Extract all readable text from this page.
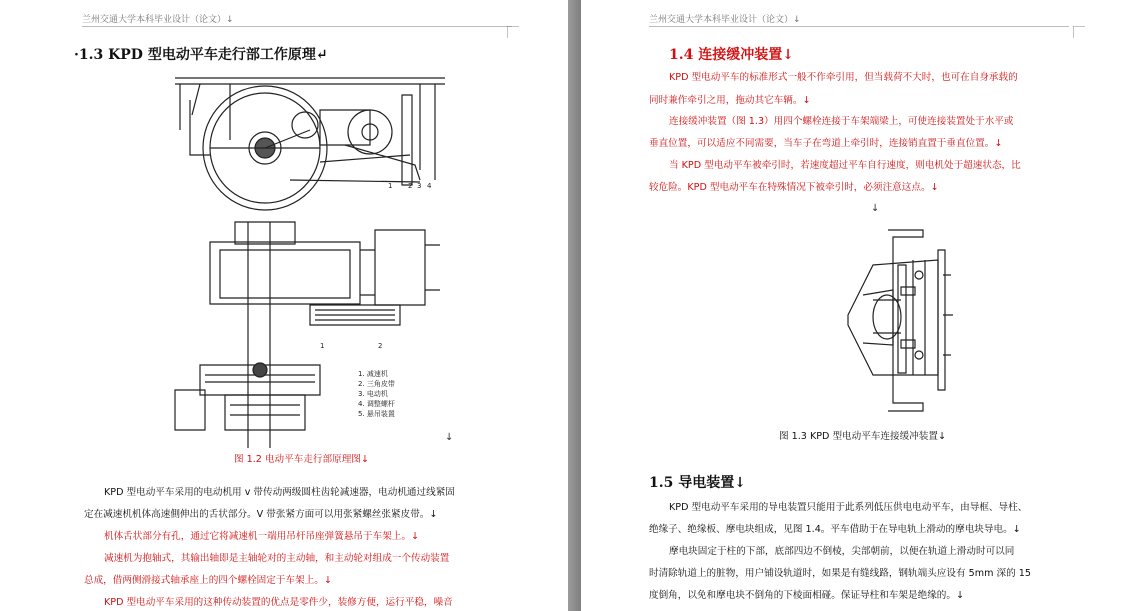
兰州交通大学本科毕业设计（论文）↓
·1.3 KPD 型电动平车走行部工作原理↵
1 2 3 4
1	2
1. 减速机
2. 三角皮带
3. 电动机
4. 调整螺杆
5. 悬吊装置
↓
图 1.2 电动平车走行部原理图↓
KPD 型电动平车采用的电动机用 v 带传动两级圆柱齿轮减速器，电动机通过线紧固
定在减速机机体高速側伸出的舌状部分。V 带张紧方面可以用张紧螺丝张紧皮带。↓
机体舌状部分有孔，通过它将减速机一端用吊杆吊座弹簧悬吊于车架上。↓
减速机为抱轴式，其输出轴即是主轴轮对的主动轴，和主动轮对组成一个传动装置
总成，借两侧滑接式轴承座上的四个螺栓固定于车架上。↓
KPD 型电动平车采用的这种传动装置的优点是零件少，装修方便，运行平稳，噪音
兰州交通大学本科毕业设计（论文）↓
1.4 连接缓冲装置↓
KPD 型电动平车的标准形式一般不作牵引用，但当载荷不大时，也可在自身承载的
同时兼作牵引之用，拖动其它车辆。↓
连接缓冲装置（图 1.3）用四个螺栓连接于车架端梁上，可使连接装置处于水平或
垂直位置，可以适应不同需要，当车子在弯道上牵引时，连接销直置于垂直位置。↓
当 KPD 型电动平车被牵引时，若速度超过平车自行速度，则电机处于超速状态，比
较危险。KPD 型电动平车在特殊情况下被牵引时，必须注意这点。↓
↓
图 1.3 KPD 型电动平车连接缓冲装置↓
1.5 导电装置↓
KPD 型电动平车采用的导电装置只能用于此系列低压供电电动平车，由导框、导柱、
绝缘子、绝缘板、摩电块组成，见图 1.4。平车借助于在导电轨上滑动的摩电块导电。↓
摩电块固定于柱的下部，底部四边不倒棱，尖部朝前，以便在轨道上滑动时可以同
时清除轨道上的脏物，用户铺设轨道时，如果是有缝线路，钢轨端头应设有 5mm 深的 15
度倒角，以免和摩电块不倒角的下棱面相碰。保证导柱和车架是绝缘的。↓
